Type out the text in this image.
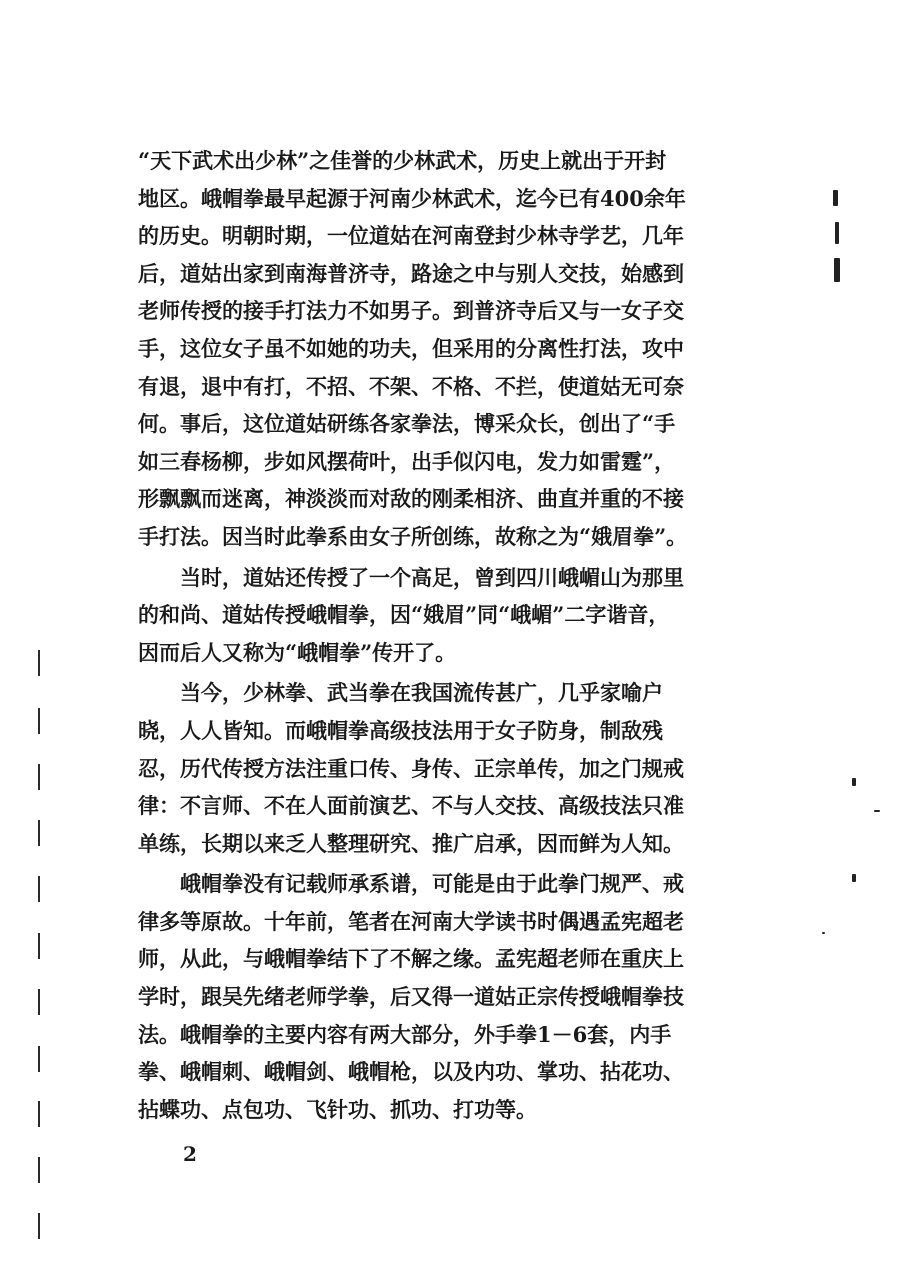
“天下武术出少林”之佳誉的少林武术，历史上就出于开封
地区。峨帽拳最早起源于河南少林武术，迄今已有400余年
的历史。明朝时期，一位道姑在河南登封少林寺学艺，几年
后，道姑出家到南海普济寺，路途之中与别人交技，始感到
老师传授的接手打法力不如男子。到普济寺后又与一女子交
手，这位女子虽不如她的功夫，但采用的分离性打法，攻中
有退，退中有打，不招、不架、不格、不拦，使道姑无可奈
何。事后，这位道姑研练各家拳法，博采众长，创出了“手
如三春杨柳，步如风摆荷叶，出手似闪电，发力如雷霆”，
形飘飘而迷离，神淡淡而对敌的刚柔相济、曲直并重的不接
手打法。因当时此拳系由女子所创练，故称之为“娥眉拳”。
　　当时，道姑还传授了一个高足，曾到四川峨嵋山为那里
的和尚、道姑传授峨帽拳，因“娥眉”同“峨嵋”二字谐音，
因而后人又称为“峨帽拳”传开了。
　　当今，少林拳、武当拳在我国流传甚广，几乎家喻户
晓，人人皆知。而峨帽拳高级技法用于女子防身，制敌残
忍，历代传授方法注重口传、身传、正宗单传，加之门规戒
律：不言师、不在人面前演艺、不与人交技、高级技法只准
单练，长期以来乏人整理研究、推广启承，因而鲜为人知。
　　峨帽拳没有记载师承系谱，可能是由于此拳门规严、戒
律多等原故。十年前，笔者在河南大学读书时偶遇孟宪超老
师，从此，与峨帽拳结下了不解之缘。孟宪超老师在重庆上
学时，跟吴先绪老师学拳，后又得一道姑正宗传授峨帽拳技
法。峨帽拳的主要内容有两大部分，外手拳1－6套，内手
拳、峨帽刺、峨帽剑、峨帽枪，以及内功、掌功、拈花功、
拈蝶功、点包功、飞针功、抓功、打功等。
2
